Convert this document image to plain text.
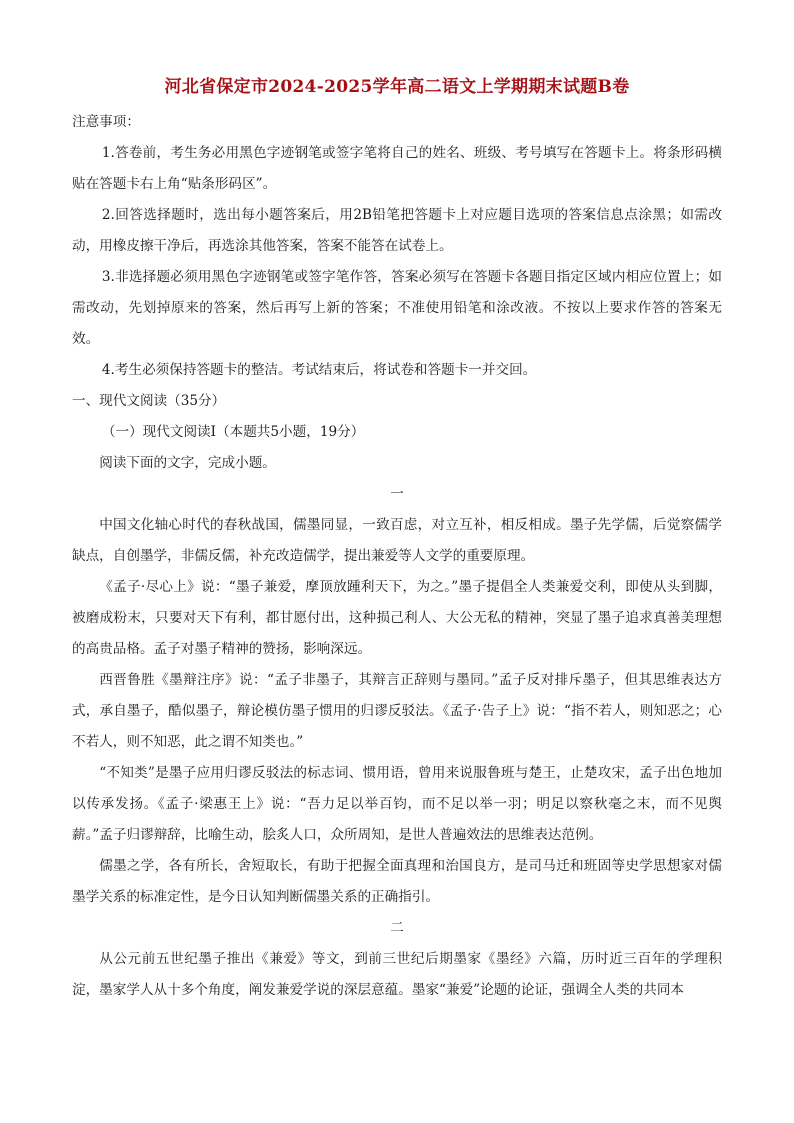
河北省保定市2024-2025学年高二语文上学期期末试题B卷

注意事项：

1.答卷前，考生务必用黑色字迹钢笔或签字笔将自己的姓名、班级、考号填写在答题卡上。将条形码横贴在答题卡右上角“贴条形码区”。

2.回答选择题时，选出每小题答案后，用2B铅笔把答题卡上对应题目选项的答案信息点涂黑；如需改动，用橡皮擦干净后，再选涂其他答案，答案不能答在试卷上。

3.非选择题必须用黑色字迹钢笔或签字笔作答，答案必须写在答题卡各题目指定区域内相应位置上；如需改动，先划掉原来的答案，然后再写上新的答案；不准使用铅笔和涂改液。不按以上要求作答的答案无效。

4.考生必须保持答题卡的整洁。考试结束后，将试卷和答题卡一并交回。

一、现代文阅读（35分）

（一）现代文阅读Ⅰ（本题共5小题，19分）

阅读下面的文字，完成小题。

一

中国文化轴心时代的春秋战国，儒墨同显，一致百虑，对立互补，相反相成。墨子先学儒，后觉察儒学缺点，自创墨学，非儒反儒，补充改造儒学，提出兼爱等人文学的重要原理。

《孟子·尽心上》说：“墨子兼爱，摩顶放踵利天下，为之。”墨子提倡全人类兼爱交利，即使从头到脚，被磨成粉末，只要对天下有利，都甘愿付出，这种损己利人、大公无私的精神，突显了墨子追求真善美理想的高贵品格。孟子对墨子精神的赞扬，影响深远。

西晋鲁胜《墨辩注序》说：“孟子非墨子，其辩言正辞则与墨同。”孟子反对排斥墨子，但其思维表达方式，承自墨子，酷似墨子，辩论模仿墨子惯用的归谬反驳法。《孟子·告子上》说：“指不若人，则知恶之；心不若人，则不知恶，此之谓不知类也。”

“不知类”是墨子应用归谬反驳法的标志词、惯用语，曾用来说服鲁班与楚王，止楚攻宋，孟子出色地加以传承发扬。《孟子·梁惠王上》说：“吾力足以举百钧，而不足以举一羽；明足以察秋毫之末，而不见舆薪。”孟子归谬辩辞，比喻生动，脍炙人口，众所周知，是世人普遍效法的思维表达范例。

儒墨之学，各有所长，舍短取长，有助于把握全面真理和治国良方，是司马迁和班固等史学思想家对儒墨学关系的标准定性，是今日认知判断儒墨关系的正确指引。

二

从公元前五世纪墨子推出《兼爱》等文，到前三世纪后期墨家《墨经》六篇，历时近三百年的学理积淀，墨家学人从十多个角度，阐发兼爱学说的深层意蕴。墨家“兼爱”论题的论证，强调全人类的共同本
